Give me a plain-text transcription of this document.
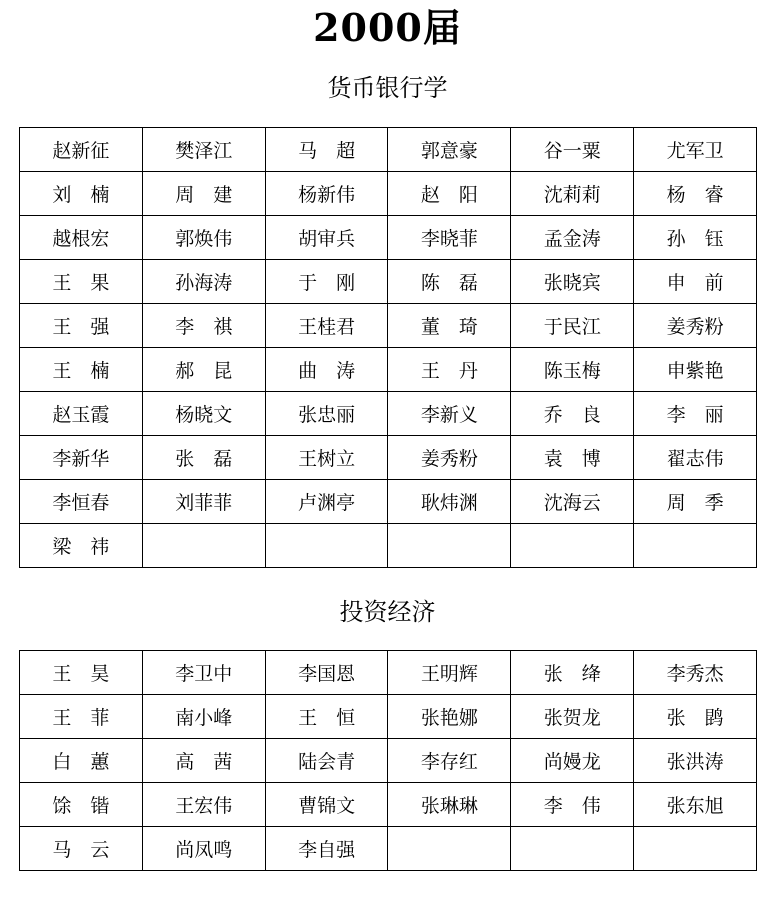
2000届
货币银行学
赵新征	樊泽江	马　超	郭意豪	谷一粟	尤军卫
刘　楠	周　建	杨新伟	赵　阳	沈莉莉	杨　睿
越根宏	郭焕伟	胡审兵	李晓菲	孟金涛	孙　钰
王　果	孙海涛	于　刚	陈　磊	张晓宾	申　前
王　强	李　祺	王桂君	董　琦	于民江	姜秀粉
王　楠	郝　昆	曲　涛	王　丹	陈玉梅	申紫艳
赵玉霞	杨晓文	张忠丽	李新义	乔　良	李　丽
李新华	张　磊	王树立	姜秀粉	袁　博	翟志伟
李恒春	刘菲菲	卢渊亭	耿炜渊	沈海云	周　季
梁　祎					
投资经济
王　昊	李卫中	李国恩	王明辉	张　绛	李秀杰
王　菲	南小峰	王　恒	张艳娜	张贺龙	张　鹍
白　蕙	高　茜	陆会青	李存红	尚嫚龙	张洪涛
馀　锴	王宏伟	曹锦文	张琳琳	李　伟	张东旭
马　云	尚凤鸣	李自强			
